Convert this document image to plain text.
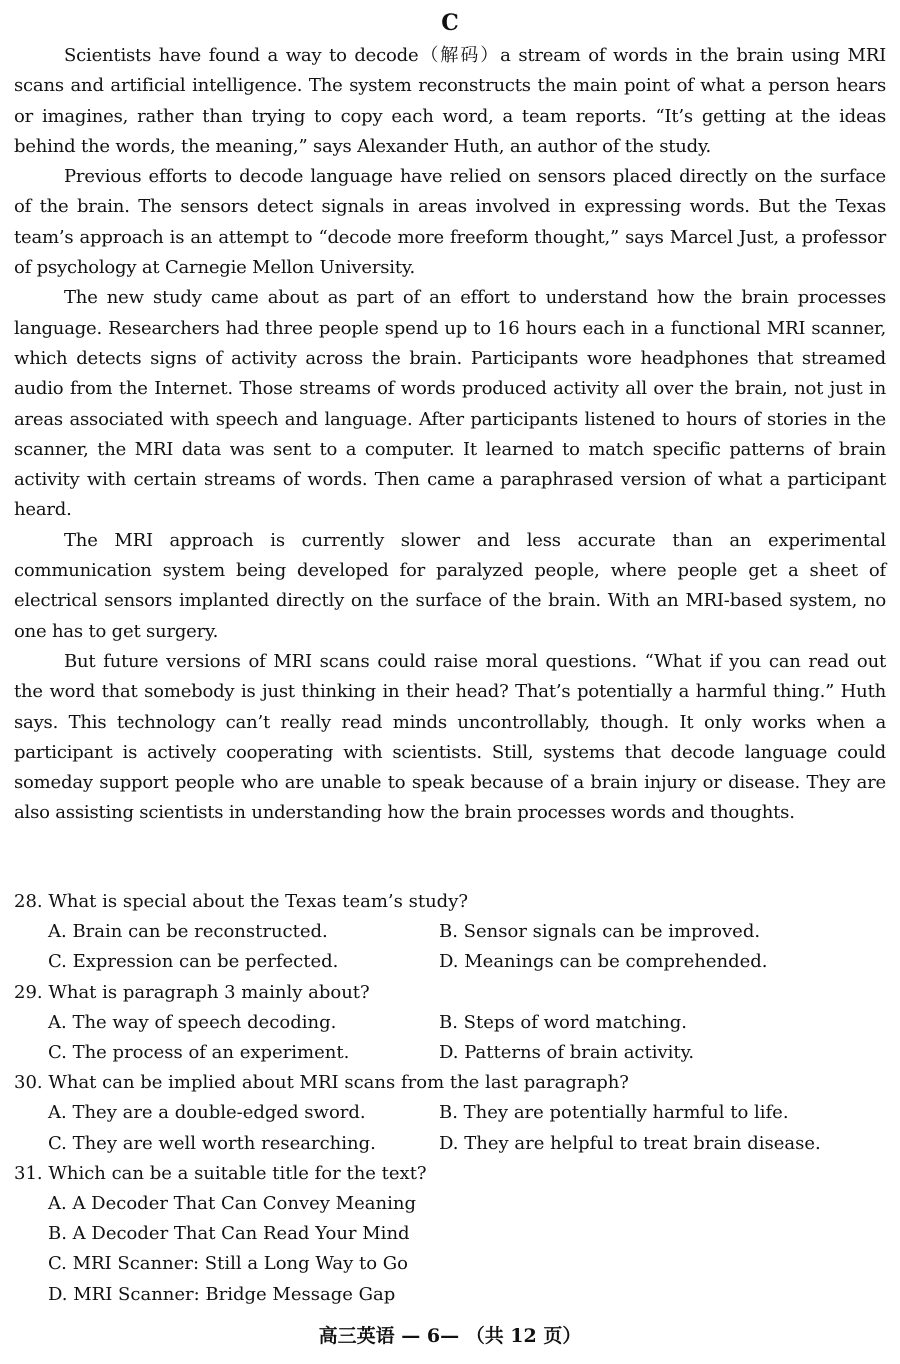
C

Scientists have found a way to decode（解码）a stream of words in the brain using MRI scans and artificial intelligence. The system reconstructs the main point of what a person hears or imagines, rather than trying to copy each word, a team reports. “It’s getting at the ideas behind the words, the meaning,” says Alexander Huth, an author of the study.

Previous efforts to decode language have relied on sensors placed directly on the surface of the brain. The sensors detect signals in areas involved in expressing words. But the Texas team’s approach is an attempt to “decode more freeform thought,” says Marcel Just, a professor of psychology at Carnegie Mellon University.

The new study came about as part of an effort to understand how the brain processes language. Researchers had three people spend up to 16 hours each in a functional MRI scanner, which detects signs of activity across the brain. Participants wore headphones that streamed audio from the Internet. Those streams of words produced activity all over the brain, not just in areas associated with speech and language. After participants listened to hours of stories in the scanner, the MRI data was sent to a computer. It learned to match specific patterns of brain activity with certain streams of words. Then came a paraphrased version of what a participant heard.

The MRI approach is currently slower and less accurate than an experimental communication system being developed for paralyzed people, where people get a sheet of electrical sensors implanted directly on the surface of the brain. With an MRI-based system, no one has to get surgery.

But future versions of MRI scans could raise moral questions. “What if you can read out the word that somebody is just thinking in their head? That’s potentially a harmful thing.” Huth says. This technology can’t really read minds uncontrollably, though. It only works when a participant is actively cooperating with scientists. Still, systems that decode language could someday support people who are unable to speak because of a brain injury or disease. They are also assisting scientists in understanding how the brain processes words and thoughts.

28. What is special about the Texas team’s study?

A. Brain can be reconstructed.	B. Sensor signals can be improved.

C. Expression can be perfected.	D. Meanings can be comprehended.

29. What is paragraph 3 mainly about?

A. The way of speech decoding.	B. Steps of word matching.

C. The process of an experiment.	D. Patterns of brain activity.

30. What can be implied about MRI scans from the last paragraph?

A. They are a double-edged sword.	B. They are potentially harmful to life.

C. They are well worth researching.	D. They are helpful to treat brain disease.

31. Which can be a suitable title for the text?

A. A Decoder That Can Convey Meaning

B. A Decoder That Can Read Your Mind

C. MRI Scanner: Still a Long Way to Go

D. MRI Scanner: Bridge Message Gap

高三英语 — 6— （共 12 页）
